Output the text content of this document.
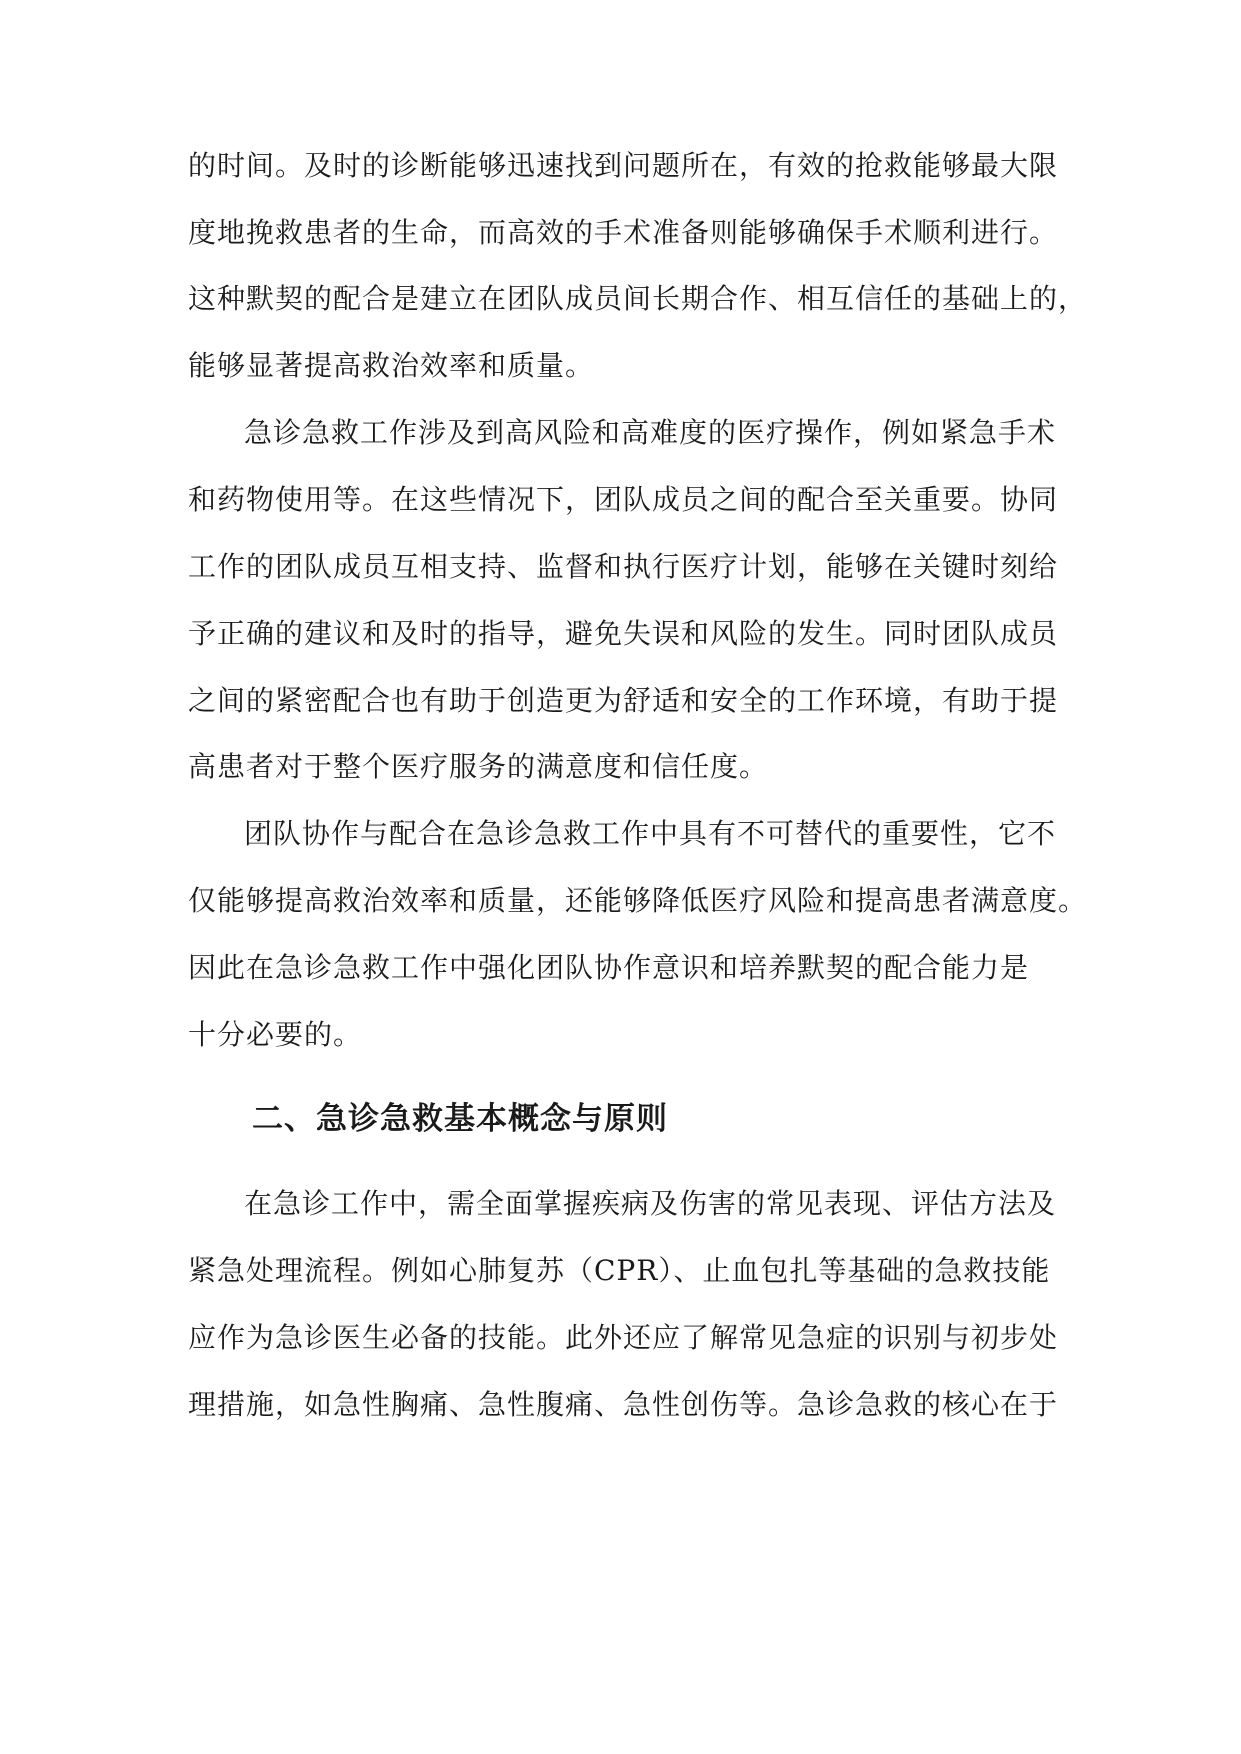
的时间。及时的诊断能够迅速找到问题所在，有效的抢救能够最大限
度地挽救患者的生命，而高效的手术准备则能够确保手术顺利进行。
这种默契的配合是建立在团队成员间长期合作、相互信任的基础上的，
能够显著提高救治效率和质量。
急诊急救工作涉及到高风险和高难度的医疗操作，例如紧急手术
和药物使用等。在这些情况下，团队成员之间的配合至关重要。协同
工作的团队成员互相支持、监督和执行医疗计划，能够在关键时刻给
予正确的建议和及时的指导，避免失误和风险的发生。同时团队成员
之间的紧密配合也有助于创造更为舒适和安全的工作环境，有助于提
高患者对于整个医疗服务的满意度和信任度。
团队协作与配合在急诊急救工作中具有不可替代的重要性，它不
仅能够提高救治效率和质量，还能够降低医疗风险和提高患者满意度。
因此在急诊急救工作中强化团队协作意识和培养默契的配合能力是
十分必要的。
二、急诊急救基本概念与原则
在急诊工作中，需全面掌握疾病及伤害的常见表现、评估方法及
紧急处理流程。例如心肺复苏（CPR）、止血包扎等基础的急救技能
应作为急诊医生必备的技能。此外还应了解常见急症的识别与初步处
理措施，如急性胸痛、急性腹痛、急性创伤等。急诊急救的核心在于
